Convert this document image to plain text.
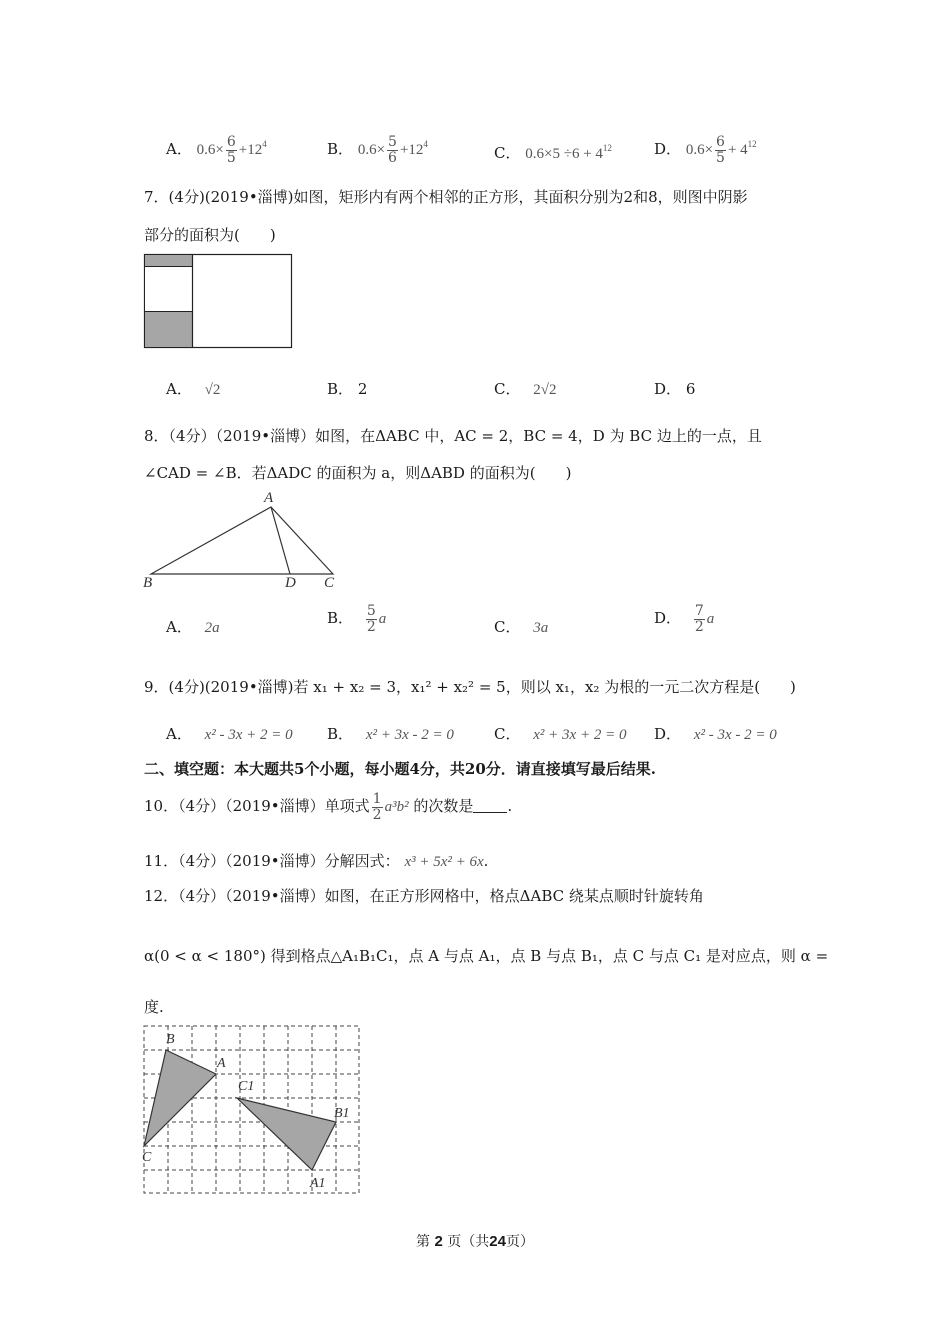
A． $0.6\times \frac{6}{5} +12^4$	B． $0.6\times \frac{5}{6} +12^4$	C． $0.6\times 5 \div 6 + 4^{12}$	D． $0.6\times \frac{6}{5} + 4^{12}$
7．(4分)(2019•淄博)如图，矩形内有两个相邻的正方形，其面积分别为2和8，则图中阴影
部分的面积为(　　)
A． √2	B． 2	C． 2√2	D． 6
8．（4分）（2019•淄博）如图，在ΔABC 中，AC = 2，BC = 4，D 为 BC 边上的一点，且
∠CAD = ∠B．若ΔADC 的面积为 a，则ΔABD 的面积为(　　)
A
B	D C
A． 2a
B． $\frac{5}{2}$ a	C． 3a
D． $\frac{7}{2}$ a
9．(4分)(2019•淄博)若 x₁ + x₂ = 3，x₁² + x₂² = 5，则以 x₁，x₂ 为根的一元二次方程是(　　)
A． x² - 3x + 2 = 0 B． x² + 3x - 2 = 0	C． x² + 3x + 2 = 0 D． x² - 3x - 2 = 0
二、填空题：本大题共5个小题，每小题4分，共20分．请直接填写最后结果.
10．（4分）（2019•淄博）单项式 $\frac{1}{2} a^3b^2$ 的次数是 .
11．（4分）（2019•淄博）分解因式： x³ + 5x² + 6x.
12．（4分）（2019•淄博）如图，在正方形网格中，格点ΔABC 绕某点顺时针旋转角
α(0 < α < 180°) 得到格点△A₁B₁C₁，点 A 与点 A₁，点 B 与点 B₁，点 C 与点 C₁ 是对应点，则 α =
度.
B
A
C
C1
B1
A1
第 2 页（共24页）
